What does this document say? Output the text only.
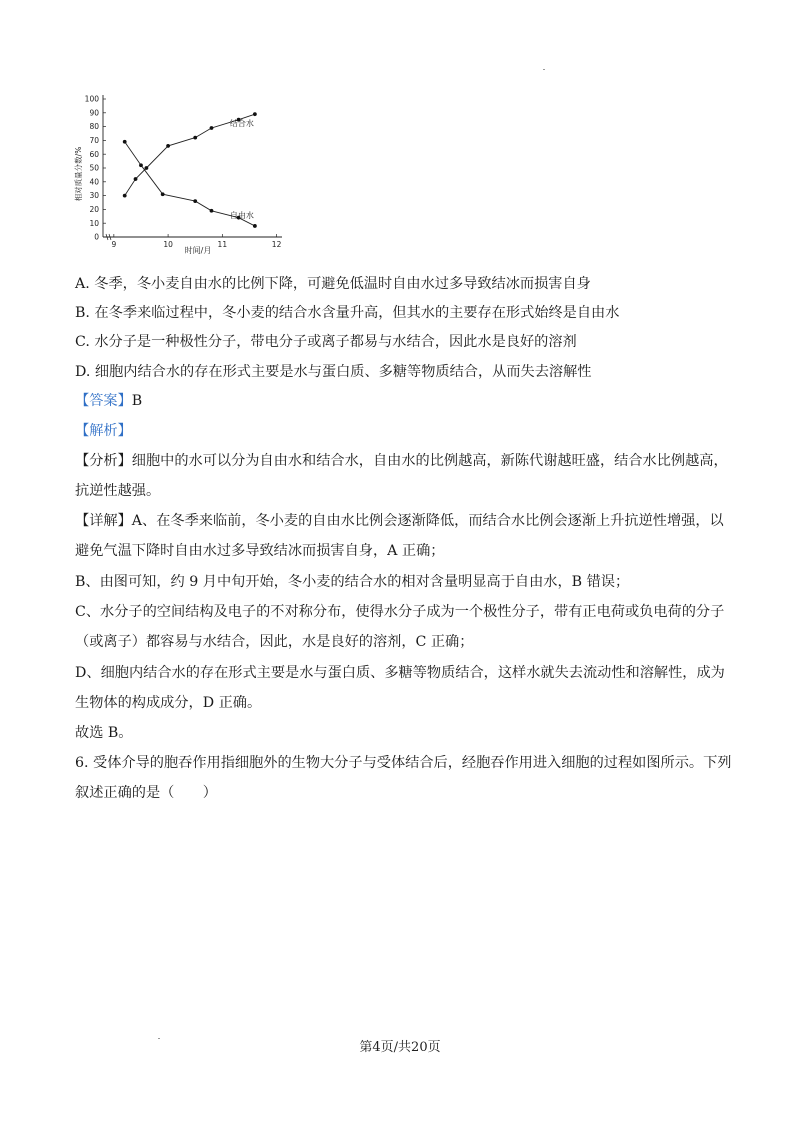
相对质量分数/%
时间/月
100
90
80
70
60
50
40
30
20
10
0
9	10	11	12
结合水
自由水
A. 冬季，冬小麦自由水的比例下降，可避免低温时自由水过多导致结冰而损害自身
B. 在冬季来临过程中，冬小麦的结合水含量升高，但其水的主要存在形式始终是自由水
C. 水分子是一种极性分子，带电分子或离子都易与水结合，因此水是良好的溶剂
D. 细胞内结合水的存在形式主要是水与蛋白质、多糖等物质结合，从而失去溶解性
【答案】B
【解析】
【分析】细胞中的水可以分为自由水和结合水，自由水的比例越高，新陈代谢越旺盛，结合水比例越高，
抗逆性越强。
【详解】A、在冬季来临前，冬小麦的自由水比例会逐渐降低，而结合水比例会逐渐上升抗逆性增强，以
避免气温下降时自由水过多导致结冰而损害自身，A 正确；
B、由图可知，约 9 月中旬开始，冬小麦的结合水的相对含量明显高于自由水，B 错误；
C、水分子的空间结构及电子的不对称分布，使得水分子成为一个极性分子，带有正电荷或负电荷的分子
（或离子）都容易与水结合，因此，水是良好的溶剂，C 正确；
D、细胞内结合水的存在形式主要是水与蛋白质、多糖等物质结合，这样水就失去流动性和溶解性，成为
生物体的构成成分，D 正确。
故选 B。
6. 受体介导的胞吞作用指细胞外的生物大分子与受体结合后，经胞吞作用进入细胞的过程如图所示。下列
叙述正确的是（　　）
第4页/共20页
